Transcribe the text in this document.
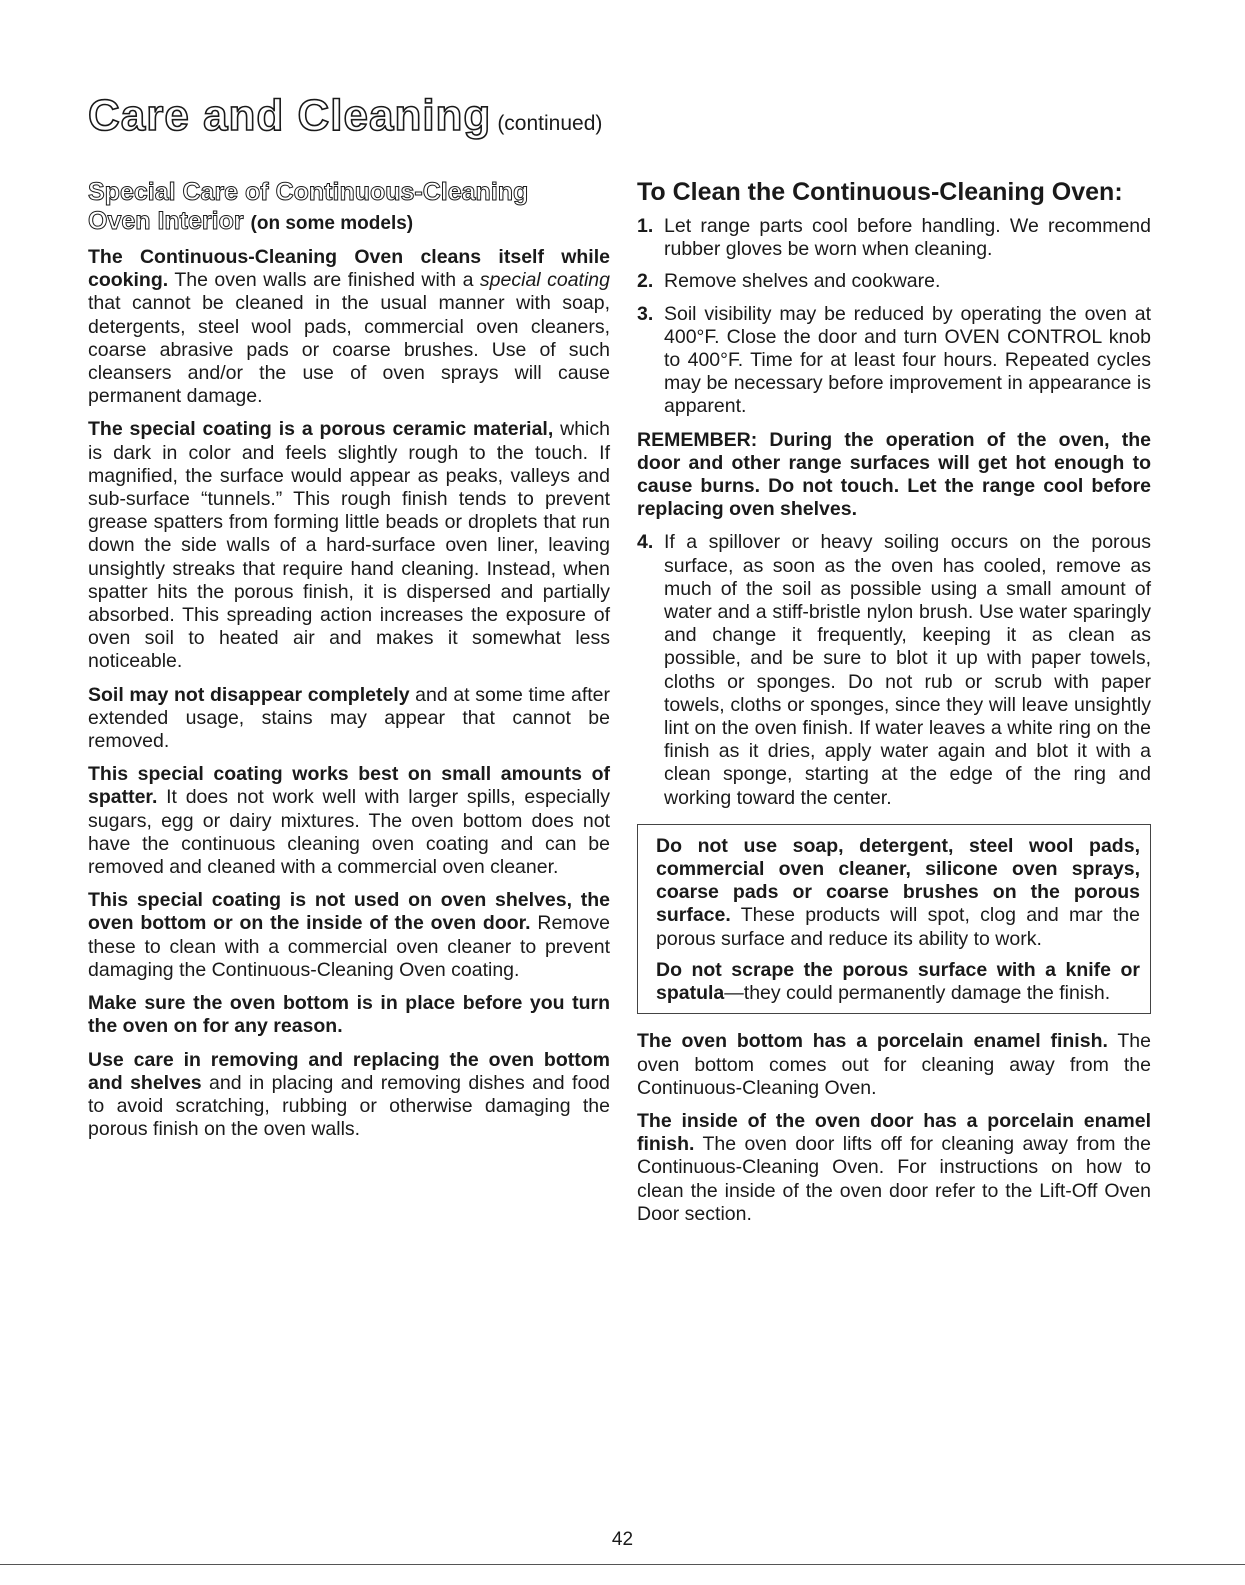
Care and Cleaning (continued)
Special Care of Continuous-Cleaning
Oven Interior (on some models)

The Continuous-Cleaning Oven cleans itself while cooking. The oven walls are finished with a special coating that cannot be cleaned in the usual manner with soap, detergents, steel wool pads, commercial oven cleaners, coarse abrasive pads or coarse brushes. Use of such cleansers and/or the use of oven sprays will cause permanent damage.

The special coating is a porous ceramic material, which is dark in color and feels slightly rough to the touch. If magnified, the surface would appear as peaks, valleys and sub-surface “tunnels.” This rough finish tends to prevent grease spatters from forming little beads or droplets that run down the side walls of a hard-surface oven liner, leaving unsightly streaks that require hand cleaning. Instead, when spatter hits the porous finish, it is dispersed and partially absorbed. This spreading action increases the exposure of oven soil to heated air and makes it somewhat less noticeable.

Soil may not disappear completely and at some time after extended usage, stains may appear that cannot be removed.

This special coating works best on small amounts of spatter. It does not work well with larger spills, especially sugars, egg or dairy mixtures. The oven bottom does not have the continuous cleaning oven coating and can be removed and cleaned with a commercial oven cleaner.

This special coating is not used on oven shelves, the oven bottom or on the inside of the oven door. Remove these to clean with a commercial oven cleaner to prevent damaging the Continuous-Cleaning Oven coating.

Make sure the oven bottom is in place before you turn the oven on for any reason.

Use care in removing and replacing the oven bottom and shelves and in placing and removing dishes and food to avoid scratching, rubbing or otherwise damaging the porous finish on the oven walls.

To Clean the Continuous-Cleaning Oven:
1. Let range parts cool before handling. We recommend rubber gloves be worn when cleaning.
2. Remove shelves and cookware.
3. Soil visibility may be reduced by operating the oven at 400°F. Close the door and turn OVEN CONTROL knob to 400°F. Time for at least four hours. Repeated cycles may be necessary before improvement in appearance is apparent.

REMEMBER: During the operation of the oven, the door and other range surfaces will get hot enough to cause burns. Do not touch. Let the range cool before replacing oven shelves.

4. If a spillover or heavy soiling occurs on the porous surface, as soon as the oven has cooled, remove as much of the soil as possible using a small amount of water and a stiff-bristle nylon brush. Use water sparingly and change it frequently, keeping it as clean as possible, and be sure to blot it up with paper towels, cloths or sponges. Do not rub or scrub with paper towels, cloths or sponges, since they will leave unsightly lint on the oven finish. If water leaves a white ring on the finish as it dries, apply water again and blot it with a clean sponge, starting at the edge of the ring and working toward the center.

Do not use soap, detergent, steel wool pads, commercial oven cleaner, silicone oven sprays, coarse pads or coarse brushes on the porous surface. These products will spot, clog and mar the porous surface and reduce its ability to work.

Do not scrape the porous surface with a knife or spatula—they could permanently damage the finish.

The oven bottom has a porcelain enamel finish. The oven bottom comes out for cleaning away from the Continuous-Cleaning Oven.

The inside of the oven door has a porcelain enamel finish. The oven door lifts off for cleaning away from the Continuous-Cleaning Oven. For instructions on how to clean the inside of the oven door refer to the Lift-Off Oven Door section.

42
